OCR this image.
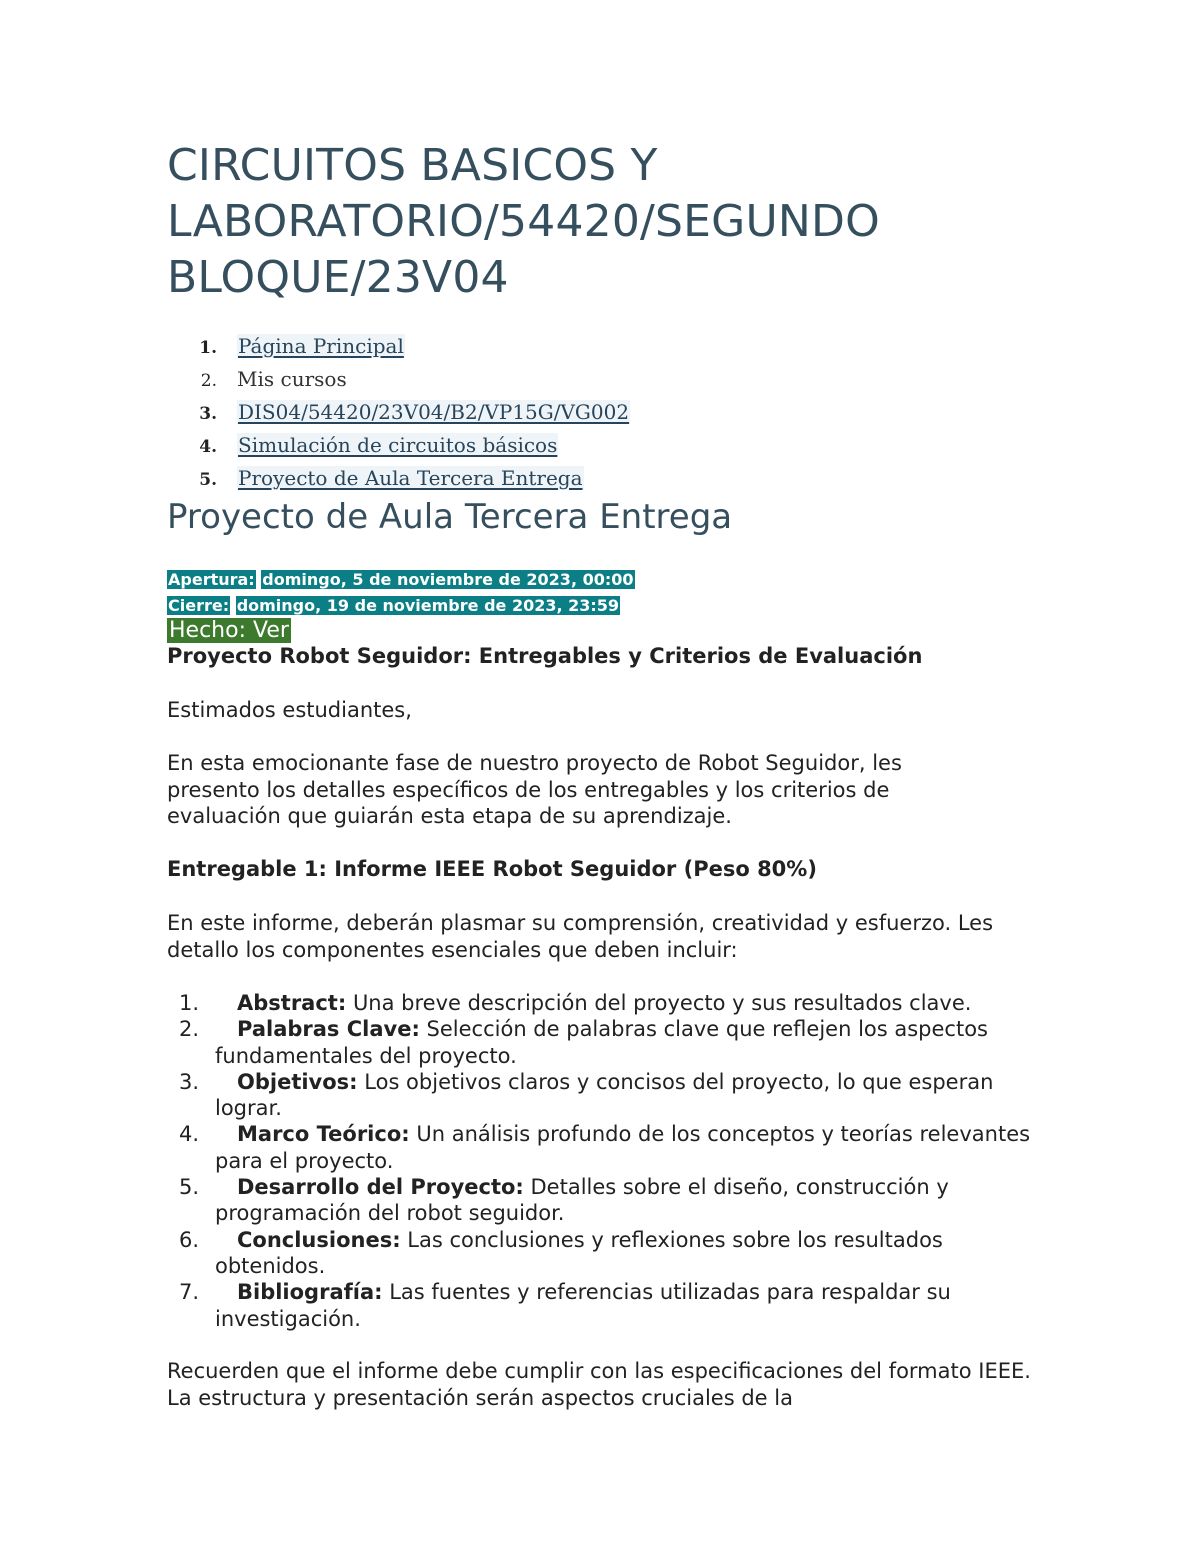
CIRCUITOS BASICOS Y LABORATORIO/54420/SEGUNDO BLOQUE/23V04
1. Página Principal
2. Mis cursos
3. DIS04/54420/23V04/B2/VP15G/VG002
4. Simulación de circuitos básicos
5. Proyecto de Aula Tercera Entrega
Proyecto de Aula Tercera Entrega
Apertura: domingo, 5 de noviembre de 2023, 00:00
Cierre: domingo, 19 de noviembre de 2023, 23:59
Hecho: Ver

Proyecto Robot Seguidor: Entregables y Criterios de Evaluación

Estimados estudiantes,

En esta emocionante fase de nuestro proyecto de Robot Seguidor, les presento los detalles específicos de los entregables y los criterios de evaluación que guiarán esta etapa de su aprendizaje.

Entregable 1: Informe IEEE Robot Seguidor (Peso 80%)

En este informe, deberán plasmar su comprensión, creatividad y esfuerzo. Les detallo los componentes esenciales que deben incluir:

1. Abstract: Una breve descripción del proyecto y sus resultados clave.
2. Palabras Clave: Selección de palabras clave que reflejen los aspectos fundamentales del proyecto.
3. Objetivos: Los objetivos claros y concisos del proyecto, lo que esperan lograr.
4. Marco Teórico: Un análisis profundo de los conceptos y teorías relevantes para el proyecto.
5. Desarrollo del Proyecto: Detalles sobre el diseño, construcción y programación del robot seguidor.
6. Conclusiones: Las conclusiones y reflexiones sobre los resultados obtenidos.
7. Bibliografía: Las fuentes y referencias utilizadas para respaldar su investigación.

Recuerden que el informe debe cumplir con las especificaciones del formato IEEE. La estructura y presentación serán aspectos cruciales de la
